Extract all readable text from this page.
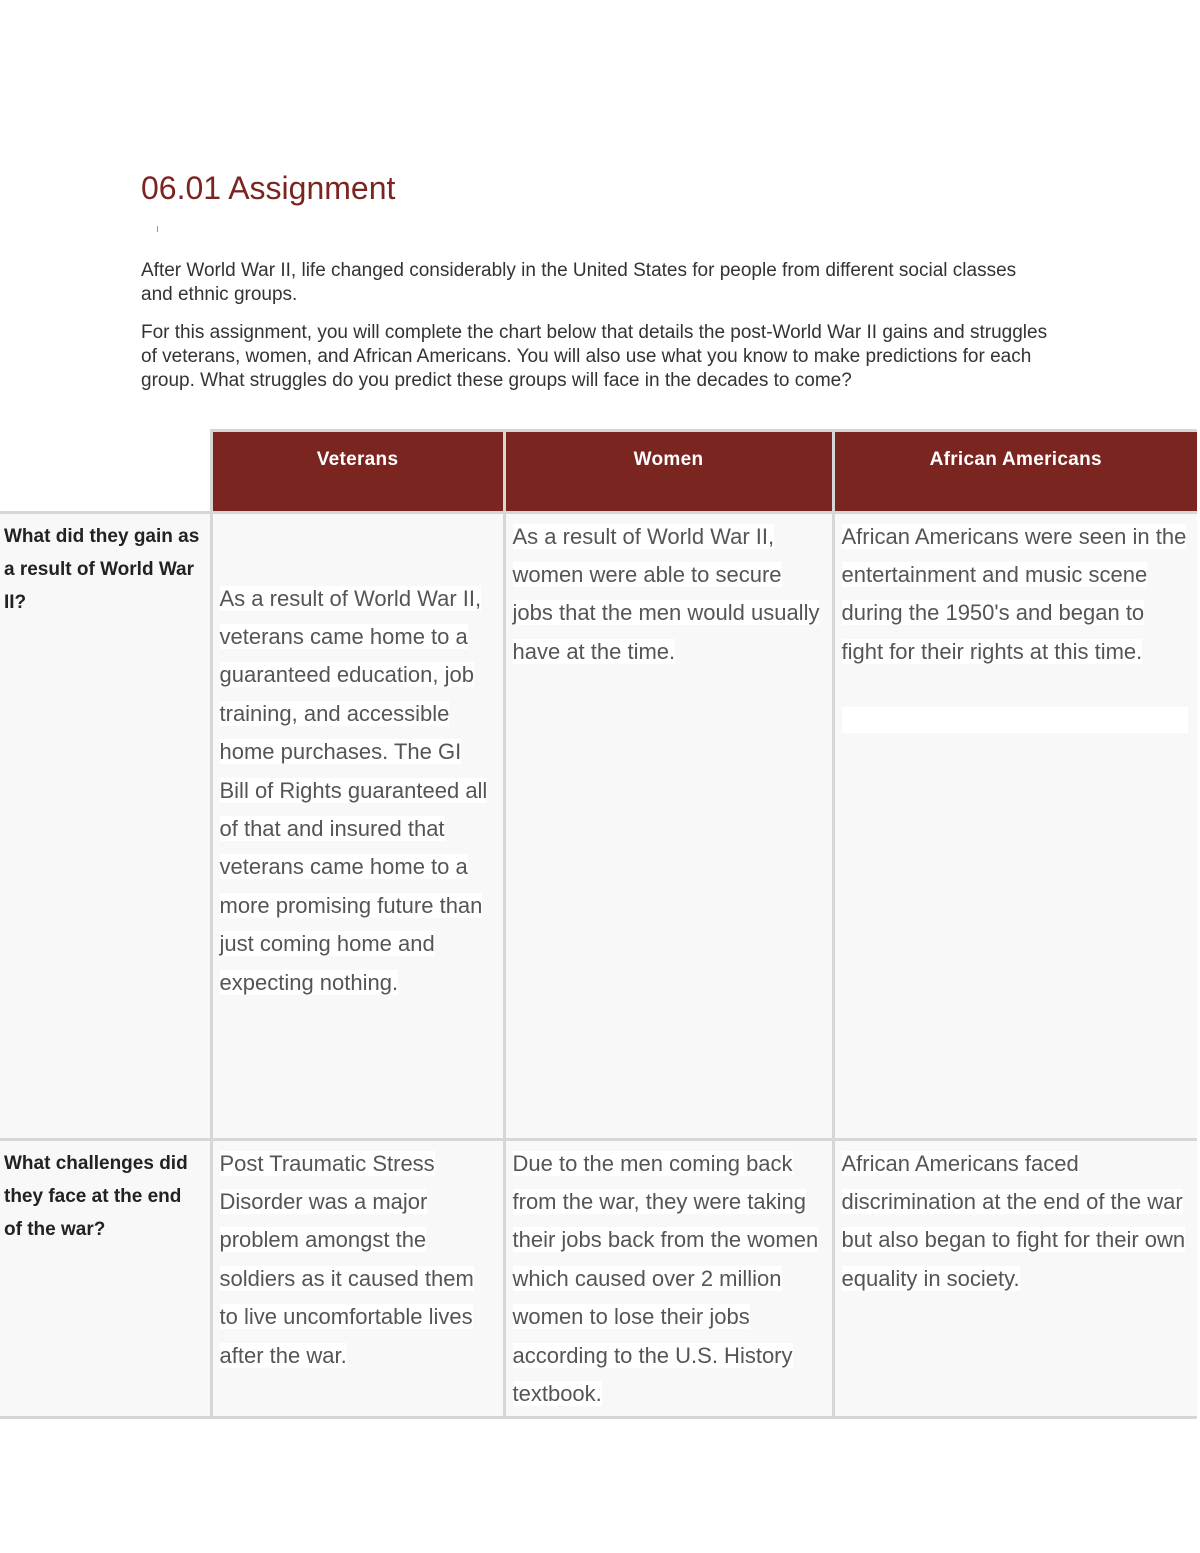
06.01 Assignment

After World War II, life changed considerably in the United States for people from different social classes and ethnic groups.

For this assignment, you will complete the chart below that details the post-World War II gains and struggles of veterans, women, and African Americans. You will also use what you know to make predictions for each group. What struggles do you predict these groups will face in the decades to come?

	Veterans	Women	African Americans
What did they gain as a result of World War II?	As a result of World War II, veterans came home to a guaranteed education, job training, and accessible home purchases. The GI Bill of Rights guaranteed all of that and insured that veterans came home to a more promising future than just coming home and expecting nothing.	As a result of World War II, women were able to secure jobs that the men would usually have at the time.	African Americans were seen in the entertainment and music scene during the 1950's and began to fight for their rights at this time.

What challenges did they face at the end of the war?	Post Traumatic Stress Disorder was a major problem amongst the soldiers as it caused them to live uncomfortable lives after the war.	Due to the men coming back from the war, they were taking their jobs back from the women which caused over 2 million women to lose their jobs according to the U.S. History textbook.	African Americans faced discrimination at the end of the war but also began to fight for their own equality in society.
